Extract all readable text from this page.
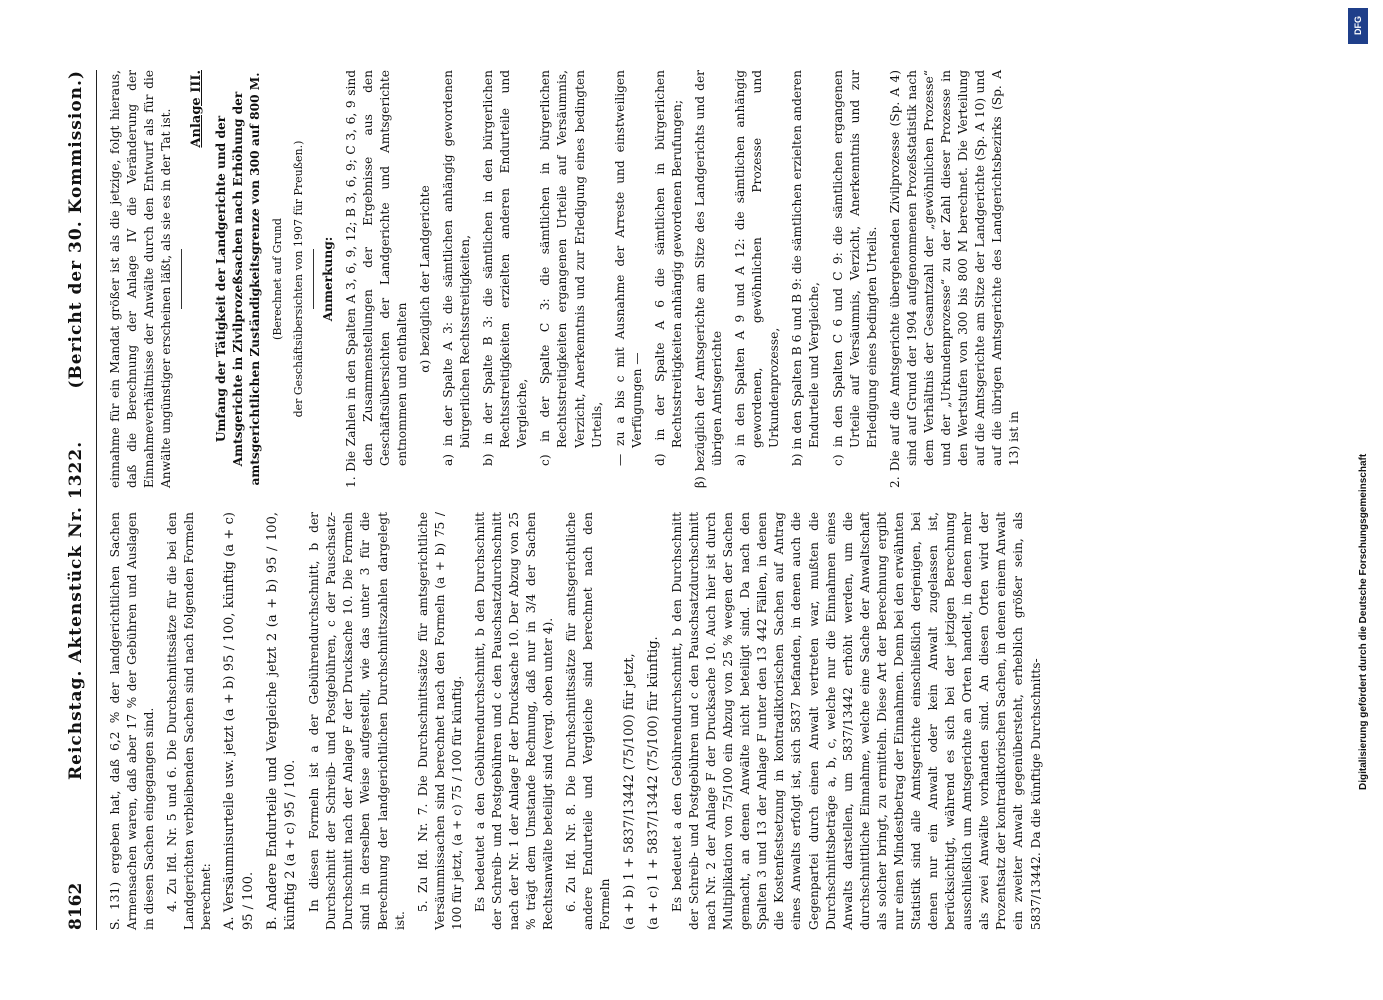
8162
Reichstag. Aktenstück Nr. 1322.
(Bericht der 30. Kommission.)

S. 131) ergeben hat, daß 6,2 % der landgerichtlichen Sachen Armensachen waren, daß aber 17 % der Gebühren und Auslagen in diesen Sachen eingegangen sind. 4. Zu lfd. Nr. 5 und 6. Die Durchschnittssätze für die bei den Landgerichten verbleibenden Sachen sind nach folgenden Formeln berechnet: A. Versäumnisurteile usw. jetzt (a + b) 95 / 100, künftig (a + c) 95 / 100. B. Andere Endurteile und Vergleiche jetzt 2 (a + b) 95 / 100, künftig 2 (a + c) 95 / 100. In diesen Formeln ist a der Gebührendurchschnitt, b der Durchschnitt der Schreib- und Postgebühren, c der Pauschsatz-Durchschnitt nach der Anlage F der Drucksache 10. Die Formeln sind in derselben Weise aufgestellt, wie das unter 3 für die Berechnung der landgerichtlichen Durchschnittszahlen dargelegt ist.

5. Zu lfd. Nr. 7. Die Durchschnittssätze für amtsgerichtliche Versäumnissachen sind berechnet nach den Formeln (a + b) 75 / 100 für jetzt, (a + c) 75 / 100 für künftig. Es bedeutet a den Gebührendurchschnitt, b den Durchschnitt der Schreib- und Postgebühren und c den Pauschsatzdurchschnitt nach der Nr. 1 der Anlage F der Drucksache 10. Der Abzug von 25 % trägt dem Umstande Rechnung, daß nur in 3/4 der Sachen Rechtsanwälte beteiligt sind (vergl. oben unter 4). 6. Zu lfd. Nr. 8. Die Durchschnittssätze für amtsgerichtliche andere Endurteile und Vergleiche sind berechnet nach den Formeln (a + b) 1 + 5837/13442 (75/100) für jetzt, (a + c) 1 + 5837/13442 (75/100) für künftig. Es bedeutet a den Gebührendurchschnitt, b den Durchschnitt der Schreib- und Postgebühren und c den Pauschsatzdurchschnitt nach Nr. 2 der Anlage F der Drucksache 10. Auch hier ist durch Multiplikation von 75/100 ein Abzug von 25 % wegen der Sachen gemacht, an denen Anwälte nicht beteiligt sind. Da nach den Spalten 3 und 13 der Anlage F unter den 13 442 Fällen, in denen die Kostenfestsetzung in kontradiktorischen Sachen auf Antrag eines Anwalts erfolgt ist, sich 5837 befanden, in denen auch die Gegenpartei durch einen Anwalt vertreten war, mußten die Durchschnittsbeträge a, b, c, welche nur die Einnahmen eines Anwalts darstellen, um 5837/13442 erhöht werden, um die durchschnittliche Einnahme, welche eine Sache der Anwaltschaft als solcher bringt, zu ermitteln. Diese Art der Berechnung ergibt nur einen Mindestbetrag der Einnahmen. Denn bei den erwähnten Statistik sind alle Amtsgerichte einschließlich derjenigen, bei denen nur ein Anwalt oder kein Anwalt zugelassen ist, berücksichtigt, während es sich bei der jetzigen Berechnung ausschließlich um Amtsgerichte an Orten handelt, in denen mehr als zwei Anwälte vorhanden sind. An diesen Orten wird der Prozentsatz der kontradiktorischen Sachen, in denen einem Anwalt ein zweiter Anwalt gegenübersteht, erheblich größer sein, als 5837/13442. Da die künftige Durchschnitts-

einnahme für ein Mandat größer ist als die jetzige, folgt hieraus, daß die Berechnung der Anlage IV die Veränderung der Einnahmeverhältnisse der Anwälte durch den Entwurf als für die Anwälte ungünstiger erscheinen läßt, als sie es in der Tat ist. Anlage III.

Umfang der Tätigkeit der Landgerichte und der Amtsgerichte in Zivilprozeßsachen nach Erhöhung der amtsgerichtlichen Zuständigkeitsgrenze von 300 auf 800 M. (Berechnet auf Grund der Geschäftsübersichten von 1907 für Preußen.) Anmerkung: 1. Die Zahlen in den Spalten A 3, 6, 9, 12; B 3, 6, 9; C 3, 6, 9 sind den Zusammenstellungen der Ergebnisse aus den Geschäftsübersichten der Landgerichte und Amtsgerichte entnommen und enthalten

α) bezüglich der Landgerichte a) in der Spalte A 3: die sämtlichen anhängig gewordenen bürgerlichen Rechtsstreitigkeiten, b) in der Spalte B 3: die sämtlichen in den bürgerlichen Rechtsstreitigkeiten erzielten anderen Endurteile und Vergleiche, c) in der Spalte C 3: die sämtlichen in bürgerlichen Rechtsstreitigkeiten ergangenen Urteile auf Versäumnis, Verzicht, Anerkenntnis und zur Erledigung eines bedingten Urteils, — zu a bis c mit Ausnahme der Arreste und einstweiligen Verfügungen — d) in der Spalte A 6 die sämtlichen in bürgerlichen Rechtsstreitigkeiten anhängig gewordenen Berufungen; β) bezüglich der Amtsgerichte am Sitze des Landgerichts und der übrigen Amtsgerichte a) in den Spalten A 9 und A 12: die sämtlichen anhängig gewordenen, gewöhnlichen Prozesse und Urkundenprozesse, b) in den Spalten B 6 und B 9: die sämtlichen erzielten anderen Endurteile und Vergleiche, c) in den Spalten C 6 und C 9: die sämtlichen ergangenen Urteile auf Versäumnis, Verzicht, Anerkenntnis und zur Erledigung eines bedingten Urteils. 2. Die auf die Amtsgerichte übergehenden Zivilprozesse (Sp. A 4) sind auf Grund der 1904 aufgenommenen Prozeßstatistik nach dem Verhältnis der Gesamtzahl der „gewöhnlichen Prozesse“ und der „Urkundenprozesse“ zu der Zahl dieser Prozesse in den Wertstufen von 300 bis 800 M berechnet. Die Verteilung auf die Amtsgerichte am Sitze der Landgerichte (Sp. A 10) und auf die übrigen Amtsgerichte des Landgerichtsbezirks (Sp. A 13) ist in

DFG
Digitalisierung gefördert durch die Deutsche Forschungsgemeinschaft
